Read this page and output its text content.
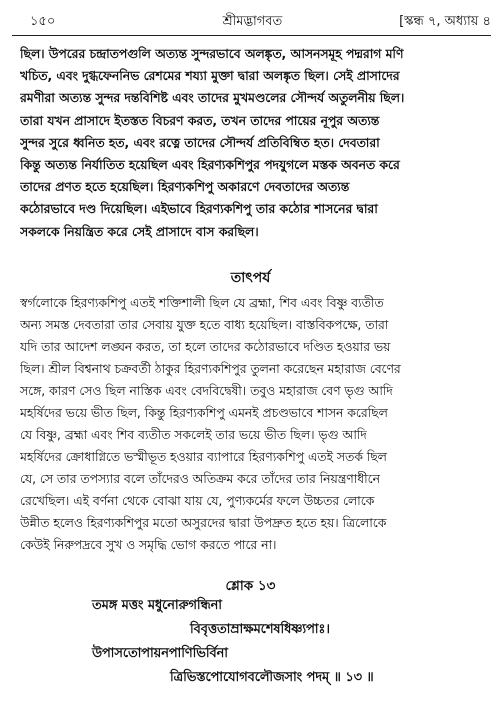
১৫০	শ্রীমদ্ভাগবত	[স্কন্ধ ৭, অধ্যায় ৪
ছিল। উপরের চন্দ্রাতপগুলি অত্যন্ত সুন্দরভাবে অলঙ্কৃত, আসনসমূহ পদ্মরাগ মণি
খচিত, এবং দুগ্ধফেননিভ রেশমের শয্যা মুক্তা দ্বারা অলঙ্কৃত ছিল। সেই প্রাসাদের
রমণীরা অত্যন্ত সুন্দর দন্তবিশিষ্ট এবং তাদের মুখমণ্ডলের সৌন্দর্য অতুলনীয় ছিল।
তারা যখন প্রাসাদে ইতস্তত বিচরণ করত, তখন তাদের পায়ের নূপুর অত্যন্ত
সুন্দর সুরে ধ্বনিত হত, এবং রত্নে তাদের সৌন্দর্য প্রতিবিম্বিত হত। দেবতারা
কিন্তু অত্যন্ত নির্যাতিত হয়েছিল এবং হিরণ্যকশিপুর পদযুগলে মস্তক অবনত করে
তাদের প্রণত হতে হয়েছিল। হিরণ্যকশিপু অকারণে দেবতাদের অত্যন্ত
কঠোরভাবে দণ্ড দিয়েছিল। এইভাবে হিরণ্যকশিপু তার কঠোর শাসনের দ্বারা
সকলকে নিয়ন্ত্রিত করে সেই প্রাসাদে বাস করছিল।
তাৎপর্য
স্বর্গলোকে হিরণ্যকশিপু এতই শক্তিশালী ছিল যে ব্রহ্মা, শিব এবং বিষ্ণু ব্যতীত
অন্য সমস্ত দেবতারা তার সেবায় যুক্ত হতে বাধ্য হয়েছিল। বাস্তবিকপক্ষে, তারা
যদি তার আদেশ লঙ্ঘন করত, তা হলে তাদের কঠোরভাবে দণ্ডিত হওয়ার ভয়
ছিল। শ্রীল বিশ্বনাথ চক্রবর্তী ঠাকুর হিরণ্যকশিপুর তুলনা করেছেন মহারাজ বেণের
সঙ্গে, কারণ সেও ছিল নাস্তিক এবং বেদবিদ্বেষী। তবুও মহারাজ বেণ ভৃগু আদি
মহর্ষিদের ভয়ে ভীত ছিল, কিন্তু হিরণ্যকশিপু এমনই প্রচণ্ডভাবে শাসন করেছিল
যে বিষ্ণু, ব্রহ্মা এবং শিব ব্যতীত সকলেই তার ভয়ে ভীত ছিল। ভৃগু আদি
মহর্ষিদের ক্রোধাগ্নিতে ভস্মীভূত হওয়ার ব্যাপারে হিরণ্যকশিপু এতই সতর্ক ছিল
যে, সে তার তপস্যার বলে তাঁদেরও অতিক্রম করে তাঁদের তার নিয়ন্ত্রণাধীনে
রেখেছিল। এই বর্ণনা থেকে বোঝা যায় যে, পুণ্যকর্মের ফলে উচ্চতর লোকে
উন্নীত হলেও হিরণ্যকশিপুর মতো অসুরদের দ্বারা উপদ্রুত হতে হয়। ত্রিলোকে
কেউই নিরুপদ্রবে সুখ ও সমৃদ্ধি ভোগ করতে পারে না।
শ্লোক ১৩
তমঙ্গ মত্তং মধুনোরুগন্ধিনা
বিবৃত্ততাম্রাক্ষমশেষধিষ্ণ্যপাঃ।
উপাসতোপায়নপাণিভির্বিনা
ত্রিভিস্তপোযোগবলৌজসাং পদম্ ॥ ১৩ ॥
